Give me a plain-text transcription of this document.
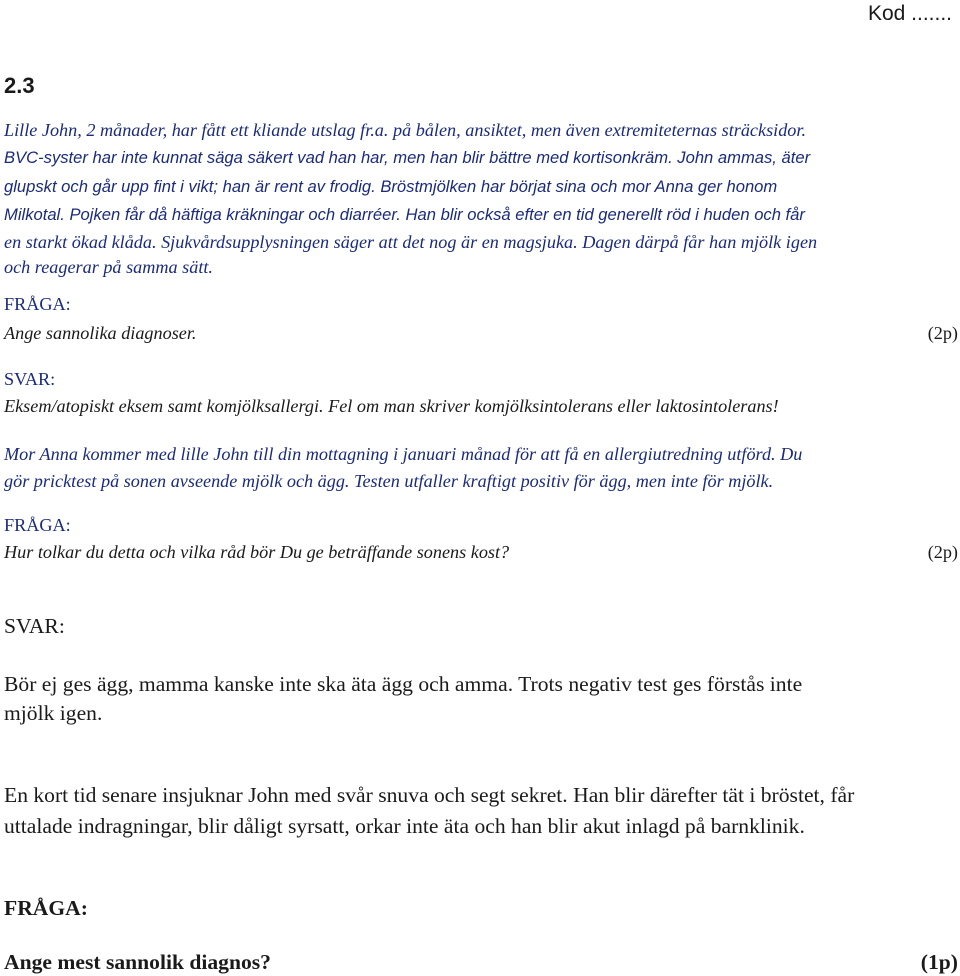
Kod .......
2.3
Lille John, 2 månader, har fått ett kliande utslag fr.a. på bålen, ansiktet, men även extremiteternas sträcksidor.
BVC-syster har inte kunnat säga säkert vad han har, men han blir bättre med kortisonkräm. John ammas, äter
glupskt och går upp fint i vikt; han är rent av frodig. Bröstmjölken har börjat sina och mor Anna ger honom
Milkotal. Pojken får då häftiga kräkningar och diarréer. Han blir också efter en tid generellt röd i huden och får
en starkt ökad klåda. Sjukvårdsupplysningen säger att det nog är en magsjuka. Dagen därpå får han mjölk igen
och reagerar på samma sätt.
FRÅGA:
Ange sannolika diagnoser.	(2p)
SVAR:
Eksem/atopiskt eksem samt komjölksallergi. Fel om man skriver komjölksintolerans eller laktosintolerans!
Mor Anna kommer med lille John till din mottagning i januari månad för att få en allergiutredning utförd. Du
gör pricktest på sonen avseende mjölk och ägg. Testen utfaller kraftigt positiv för ägg, men inte för mjölk.
FRÅGA:
Hur tolkar du detta och vilka råd bör Du ge beträffande sonens kost?	(2p)
SVAR:
Bör ej ges ägg, mamma kanske inte ska äta ägg och amma. Trots negativ test ges förstås inte
mjölk igen.
En kort tid senare insjuknar John med svår snuva och segt sekret. Han blir därefter tät i bröstet, får
uttalade indragningar, blir dåligt syrsatt, orkar inte äta och han blir akut inlagd på barnklinik.
FRÅGA:
Ange mest sannolik diagnos?	(1p)
